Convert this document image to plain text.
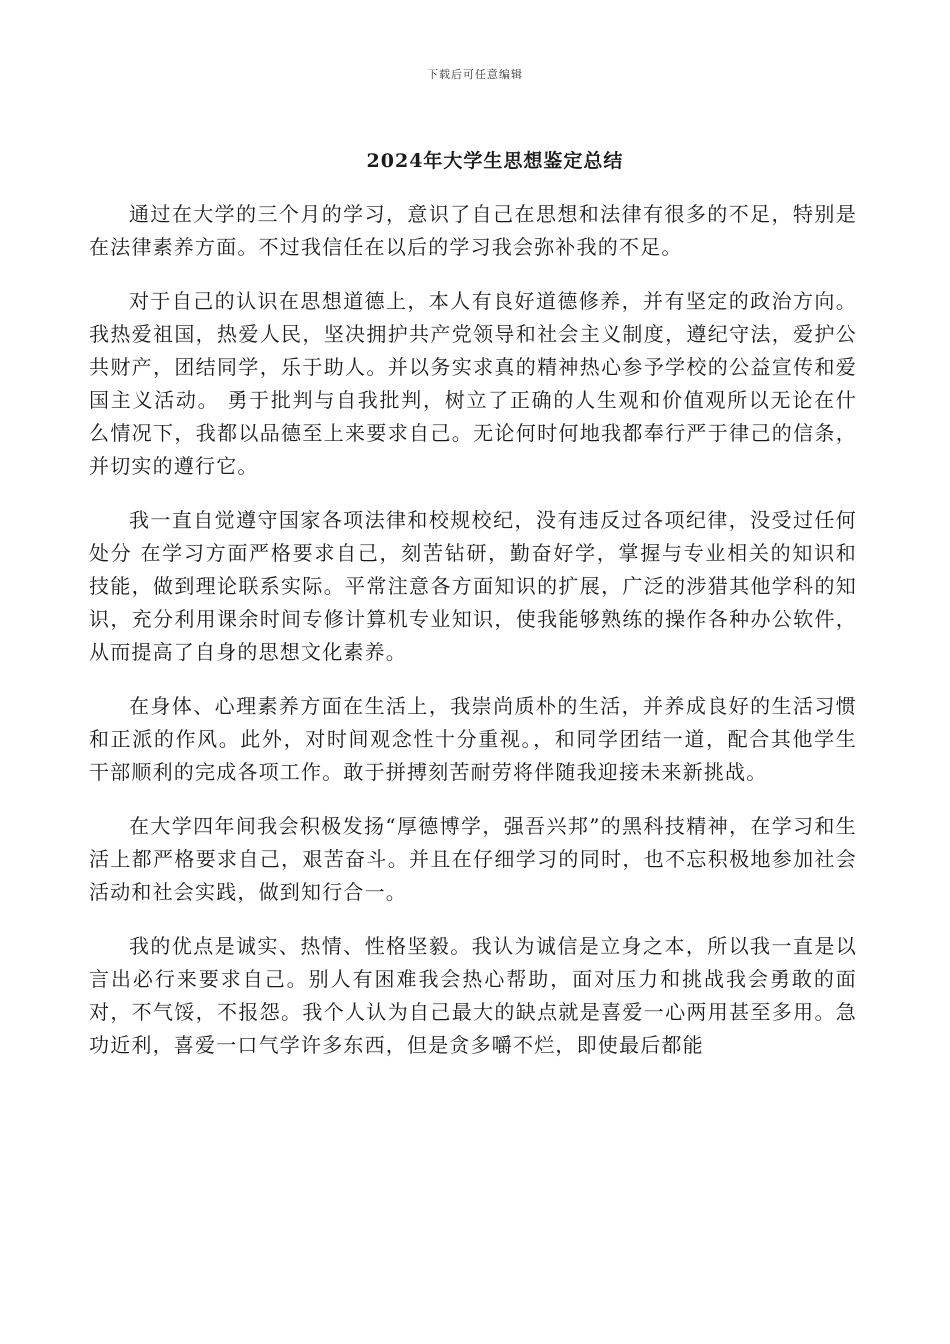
下载后可任意编辑
2024年大学生思想鉴定总结

通过在大学的三个月的学习，意识了自己在思想和法律有很多的不足，特别是在法律素养方面。不过我信任在以后的学习我会弥补我的不足。

对于自己的认识在思想道德上，本人有良好道德修养，并有坚定的政治方向。我热爱祖国，热爱人民，坚决拥护共产党领导和社会主义制度，遵纪守法，爱护公共财产，团结同学，乐于助人。并以务实求真的精神热心参予学校的公益宣传和爱国主义活动。 勇于批判与自我批判，树立了正确的人生观和价值观所以无论在什么情况下，我都以品德至上来要求自己。无论何时何地我都奉行严于律己的信条，并切实的遵行它。

我一直自觉遵守国家各项法律和校规校纪，没有违反过各项纪律，没受过任何处分 在学习方面严格要求自己，刻苦钻研，勤奋好学，掌握与专业相关的知识和技能，做到理论联系实际。平常注意各方面知识的扩展，广泛的涉猎其他学科的知识，充分利用课余时间专修计算机专业知识，使我能够熟练的操作各种办公软件，从而提高了自身的思想文化素养。

在身体、心理素养方面在生活上，我崇尚质朴的生活，并养成良好的生活习惯和正派的作风。此外，对时间观念性十分重视。，和同学团结一道，配合其他学生干部顺利的完成各项工作。敢于拼搏刻苦耐劳将伴随我迎接未来新挑战。

在大学四年间我会积极发扬“厚德博学，强吾兴邦”的黑科技精神，在学习和生活上都严格要求自己，艰苦奋斗。并且在仔细学习的同时，也不忘积极地参加社会活动和社会实践，做到知行合一。

我的优点是诚实、热情、性格坚毅。我认为诚信是立身之本，所以我一直是以言出必行来要求自己。别人有困难我会热心帮助，面对压力和挑战我会勇敢的面对，不气馁，不报怨。我个人认为自己最大的缺点就是喜爱一心两用甚至多用。急功近利，喜爱一口气学许多东西，但是贪多嚼不烂，即使最后都能
